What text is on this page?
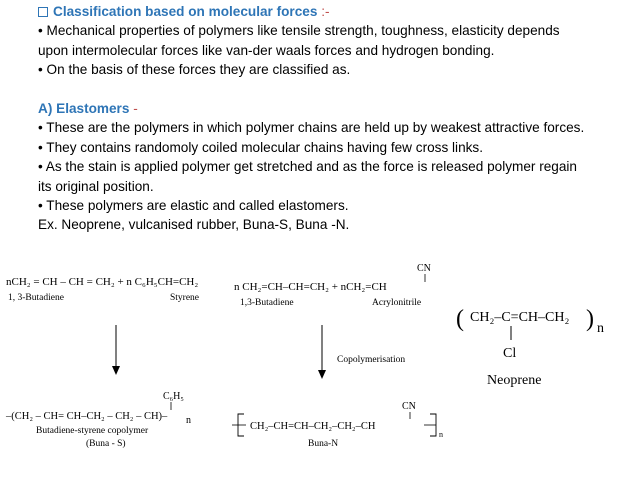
Classification based on molecular forces :-
• Mechanical properties of polymers like tensile strength, toughness, elasticity depends
upon intermolecular forces like van-der waals forces and hydrogen bonding.
• On the basis of these forces they are classified as.
A) Elastomers -
• These are the polymers in which polymer chains are held up by weakest attractive forces.
• They contains randomoly coiled molecular chains having few cross links.
• As the stain is applied polymer get stretched and as the force is released polymer regain
its original position.
• These polymers are elastic and called elastomers.
Ex. Neoprene, vulcanised rubber, Buna-S, Buna -N.
nCH₂ = CH – CH = CH₂ + n C₆H₅CH=CH₂
1, 3-Butadiene	Styrene
C₆H₅
–(CH₂ – CH= CH–CH₂ – CH₂ – CH)– n
Butadiene-styrene copolymer
(Buna - S)
CN
n CH₂=CH–CH=CH₂ + nCH₂=CH
1,3-Butadiene	Acrylonitrile
Copolymerisation
CN
CH₂–CH=CH–CH₂–CH₂–CH
n
Buna-N
( CH₂–C=CH–CH₂ ) n
Cl
Neoprene
